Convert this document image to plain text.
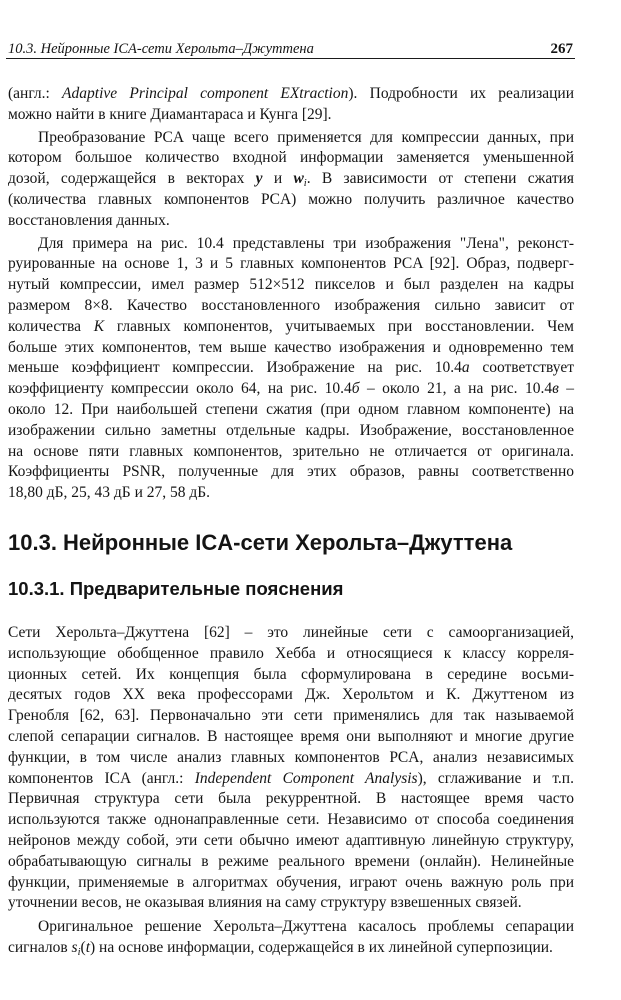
10.3. Нейронные ICA-сети Херольта–Джуттена	267
(англ.: Adaptive Principal component EXtraction). Подробности их реализации
можно найти в книге Диамантараса и Кунга [29].
Преобразование PCA чаще всего применяется для компрессии данных, при
котором большое количество входной информации заменяется уменьшенной
дозой, содержащейся в векторах y и $w_i$. В зависимости от степени сжатия
(количества главных компонентов PCA) можно получить различное качество
восстановления данных.
Для примера на рис. 10.4 представлены три изображения "Лена", реконст-
руированные на основе 1, 3 и 5 главных компонентов PCA [92]. Образ, подверг-
нутый компрессии, имел размер 512×512 пикселов и был разделен на кадры
размером 8×8. Качество восстановленного изображения сильно зависит от
количества K главных компонентов, учитываемых при восстановлении. Чем
больше этих компонентов, тем выше качество изображения и одновременно тем
меньше коэффициент компрессии. Изображение на рис. 10.4а соответствует
коэффициенту компрессии около 64, на рис. 10.4б – около 21, а на рис. 10.4в –
около 12. При наибольшей степени сжатия (при одном главном компоненте) на
изображении сильно заметны отдельные кадры. Изображение, восстановленное
на основе пяти главных компонентов, зрительно не отличается от оригинала.
Коэффициенты PSNR, полученные для этих образов, равны соответственно
18,80 дБ, 25, 43 дБ и 27, 58 дБ.
10.3. Нейронные ICA-сети Херольта–Джуттена
10.3.1. Предварительные пояснения
Сети Херольта–Джуттена [62] – это линейные сети с самоорганизацией,
использующие обобщенное правило Хебба и относящиеся к классу корреля-
ционных сетей. Их концепция была сформулирована в середине восьми-
десятых годов XX века профессорами Дж. Херольтом и К. Джуттеном из
Гренобля [62, 63]. Первоначально эти сети применялись для так называемой
слепой сепарации сигналов. В настоящее время они выполняют и многие другие
функции, в том числе анализ главных компонентов PCA, анализ независимых
компонентов ICA (англ.: Independent Component Analysis), сглаживание и т.п.
Первичная структура сети была рекуррентной. В настоящее время часто
используются также однонаправленные сети. Независимо от способа соединения
нейронов между собой, эти сети обычно имеют адаптивную линейную структуру,
обрабатывающую сигналы в режиме реального времени (онлайн). Нелинейные
функции, применяемые в алгоритмах обучения, играют очень важную роль при
уточнении весов, не оказывая влияния на саму структуру взвешенных связей.
Оригинальное решение Херольта–Джуттена касалось проблемы сепарации
сигналов $s_i(t)$ на основе информации, содержащейся в их линейной суперпозиции.
